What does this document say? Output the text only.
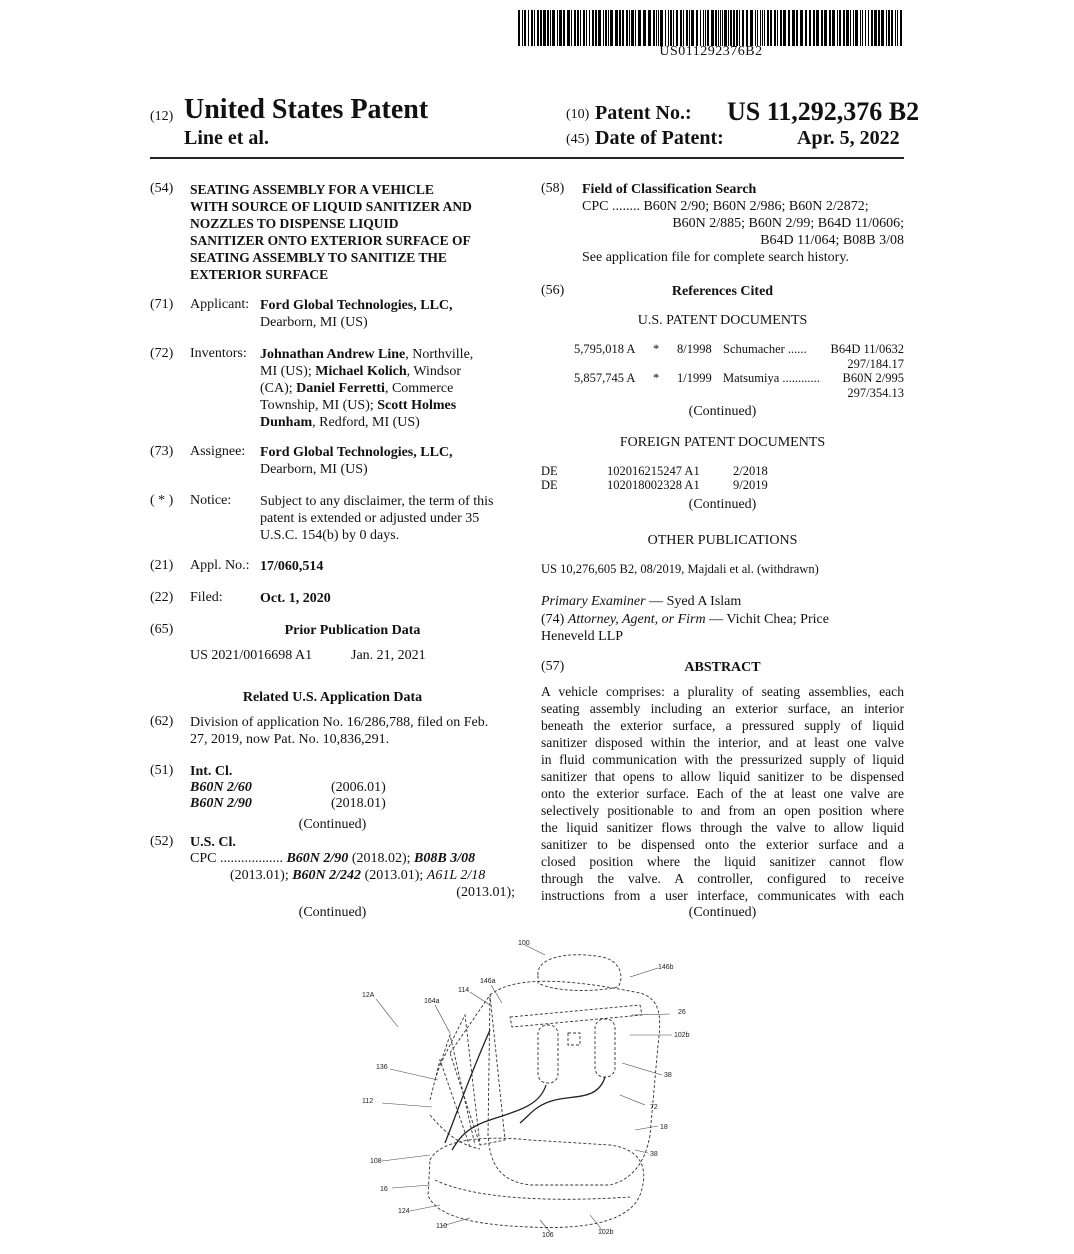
US011292376B2
(12) United States Patent
Line et al.
(10) Patent No.: US 11,292,376 B2
(45) Date of Patent:	Apr. 5, 2022
(54) SEATING ASSEMBLY FOR A VEHICLE
WITH SOURCE OF LIQUID SANITIZER AND
NOZZLES TO DISPENSE LIQUID
SANITIZER ONTO EXTERIOR SURFACE OF
SEATING ASSEMBLY TO SANITIZE THE
EXTERIOR SURFACE
(71) Applicant: Ford Global Technologies, LLC,
Dearborn, MI (US)
(72) Inventors: Johnathan Andrew Line, Northville,
MI (US); Michael Kolich, Windsor
(CA); Daniel Ferretti, Commerce
Township, MI (US); Scott Holmes
Dunham, Redford, MI (US)
(73) Assignee: Ford Global Technologies, LLC,
Dearborn, MI (US)
( * ) Notice: Subject to any disclaimer, the term of this
patent is extended or adjusted under 35
U.S.C. 154(b) by 0 days.
(21) Appl. No.: 17/060,514
(22) Filed:	Oct. 1, 2020
(65)	Prior Publication Data
US 2021/0016698 A1	Jan. 21, 2021
Related U.S. Application Data
(62) Division of application No. 16/286,788, filed on Feb.
27, 2019, now Pat. No. 10,836,291.
(51) Int. Cl.
B60N 2/60	(2006.01)
B60N 2/90	(2018.01)
(Continued)
(52) U.S. Cl.
CPC .................. B60N 2/90 (2018.02); B08B 3/08
(2013.01); B60N 2/242 (2013.01); A61L 2/18
(2013.01);
(Continued)
(58) Field of Classification Search
CPC ........ B60N 2/90; B60N 2/986; B60N 2/2872;
B60N 2/885; B60N 2/99; B64D 11/0606;
B64D 11/064; B08B 3/08
See application file for complete search history.
(56)	References Cited
U.S. PATENT DOCUMENTS
5,795,018 A * 8/1998 Schumacher ...... B64D 11/0632
297/184.17
5,857,745 A * 1/1999 Matsumiya ............ B60N 2/995
297/354.13
(Continued)
FOREIGN PATENT DOCUMENTS
DE	102016215247 A1	2/2018
DE	102018002328 A1	9/2019
(Continued)
OTHER PUBLICATIONS
US 10,276,605 B2, 08/2019, Majdali et al. (withdrawn)
Primary Examiner — Syed A Islam
(74) Attorney, Agent, or Firm — Vichit Chea; Price
Heneveld LLP
(57)	ABSTRACT
A vehicle comprises: a plurality of seating assemblies, each
seating assembly including an exterior surface, an interior
beneath the exterior surface, a pressured supply of liquid
sanitizer disposed within the interior, and at least one valve
in fluid communication with the pressurized supply of liquid
sanitizer that opens to allow liquid sanitizer to be dispensed
onto the exterior surface. Each of the at least one valve are
selectively positionable to and from an open position where
the liquid sanitizer flows through the valve to allow liquid
sanitizer to be dispensed onto the exterior surface and a
closed position where the liquid sanitizer cannot flow
through the valve. A controller, configured to receive
instructions from a user interface, communicates with each
(Continued)
100
146b
12A
146a
114
164a
26
102b
136
38
112
72
18
38
108
16
124
110
106	102b
